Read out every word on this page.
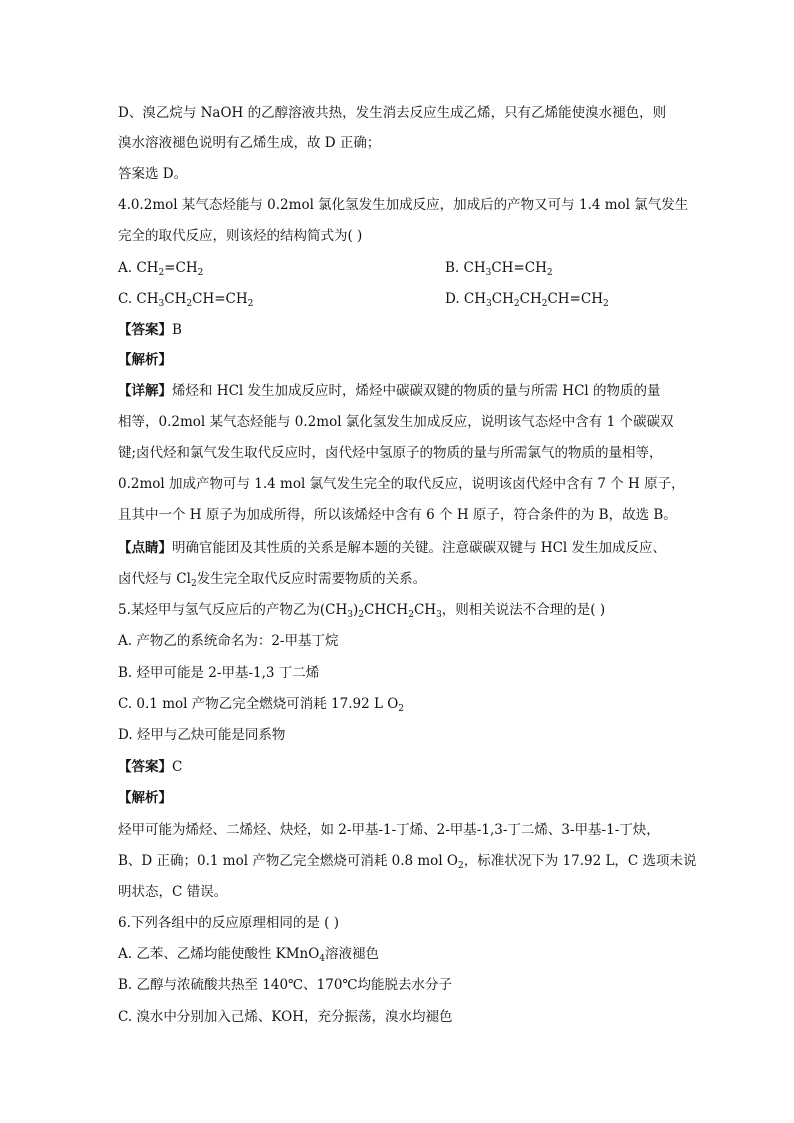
D、溴乙烷与 NaOH 的乙醇溶液共热，发生消去反应生成乙烯，只有乙烯能使溴水褪色，则
溴水溶液褪色说明有乙烯生成，故 D 正确；
答案选 D。
4.0.2mol 某气态烃能与 0.2mol 氯化氢发生加成反应，加成后的产物又可与 1.4 mol 氯气发生
完全的取代反应，则该烃的结构简式为( )
A. $CH_2=CH_2$	B. $CH_3CH=CH_2$
C. $CH_3CH_2CH=CH_2$	D. $CH_3CH_2CH_2CH=CH_2$
【答案】B
【解析】
【详解】烯烃和 HCl 发生加成反应时，烯烃中碳碳双键的物质的量与所需 HCl 的物质的量
相等，0.2mol 某气态烃能与 0.2mol 氯化氢发生加成反应，说明该气态烃中含有 1 个碳碳双
键;卤代烃和氯气发生取代反应时，卤代烃中氢原子的物质的量与所需氯气的物质的量相等，
0.2mol 加成产物可与 1.4 mol 氯气发生完全的取代反应，说明该卤代烃中含有 7 个 H 原子，
且其中一个 H 原子为加成所得，所以该烯烃中含有 6 个 H 原子，符合条件的为 B，故选 B。
【点睛】明确官能团及其性质的关系是解本题的关键。注意碳碳双键与 HCl 发生加成反应、
卤代烃与 $Cl_2$发生完全取代反应时需要物质的关系。
5.某烃甲与氢气反应后的产物乙为$(CH_3)_2CHCH_2CH_3$，则相关说法不合理的是( )
A. 产物乙的系统命名为：2-甲基丁烷
B. 烃甲可能是 2-甲基-1,3 丁二烯
C. 0.1 mol 产物乙完全燃烧可消耗 17.92 L $O_2$
D. 烃甲与乙炔可能是同系物
【答案】C
【解析】
烃甲可能为烯烃、二烯烃、炔烃，如 2-甲基-1-丁烯、2-甲基-1,3-丁二烯、3-甲基-1-丁炔，
B、D 正确；0.1 mol 产物乙完全燃烧可消耗 0.8 mol $O_2$，标准状况下为 17.92 L，C 选项未说
明状态，C 错误。
6.下列各组中的反应原理相同的是 ( )
A. 乙苯、乙烯均能使酸性 KMnO$_4$溶液褪色
B. 乙醇与浓硫酸共热至 140℃、170℃均能脱去水分子
C. 溴水中分别加入己烯、KOH，充分振荡，溴水均褪色
